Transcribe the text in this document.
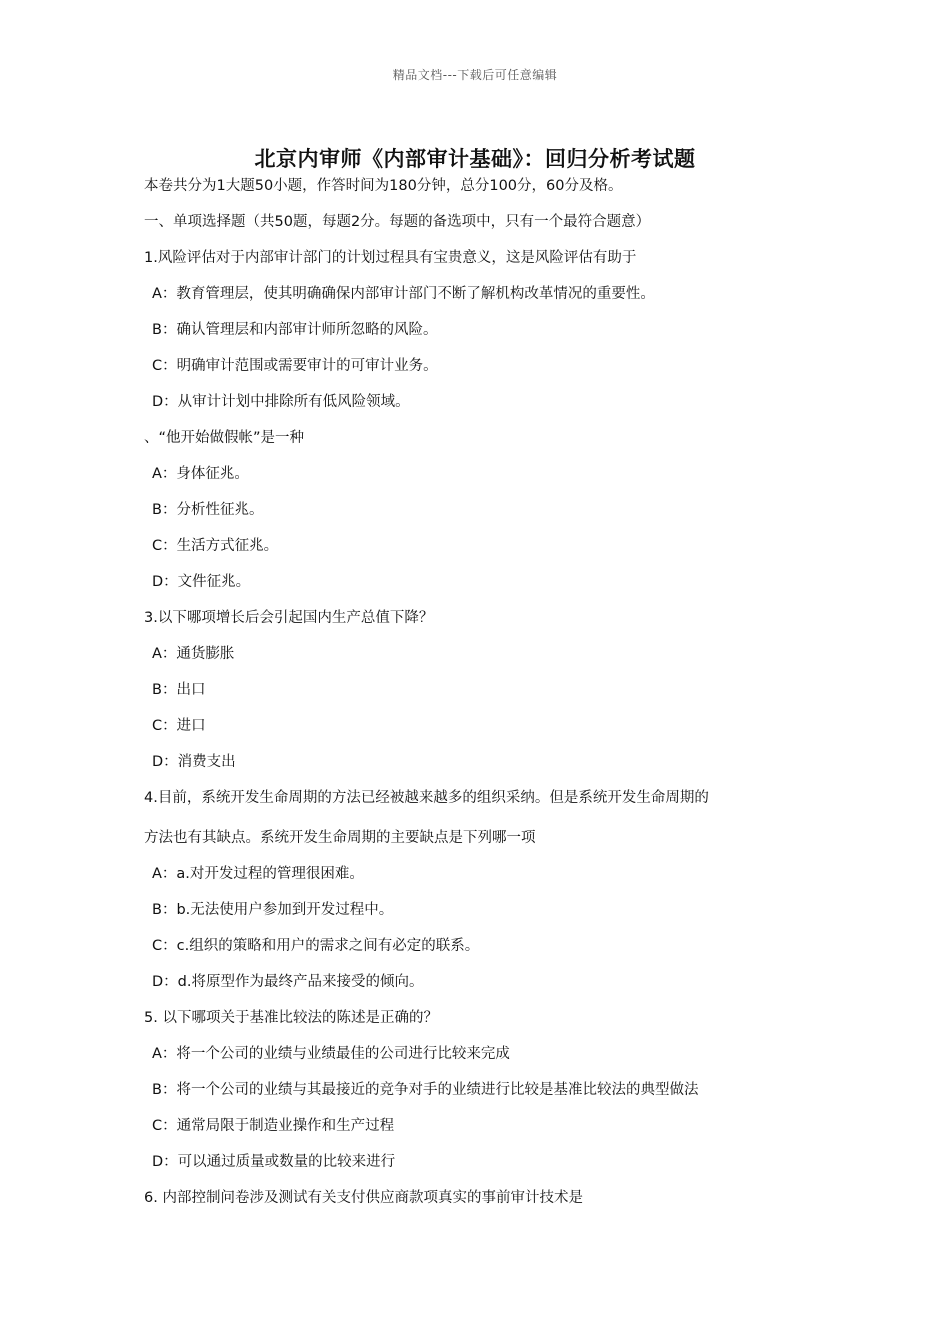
精品文档---下载后可任意编辑
北京内审师《内部审计基础》：回归分析考试题
本卷共分为1大题50小题，作答时间为180分钟，总分100分，60分及格。
一、单项选择题（共50题，每题2分。每题的备选项中，只有一个最符合题意）
1.风险评估对于内部审计部门的计划过程具有宝贵意义，这是风险评估有助于
A：教育管理层，使其明确确保内部审计部门不断了解机构改革情况的重要性。
B：确认管理层和内部审计师所忽略的风险。
C：明确审计范围或需要审计的可审计业务。
D：从审计计划中排除所有低风险领域。
、“他开始做假帐”是一种
A：身体征兆。
B：分析性征兆。
C：生活方式征兆。
D：文件征兆。
3.以下哪项增长后会引起国内生产总值下降？
A：通货膨胀
B：出口
C：进口
D：消费支出
4.目前，系统开发生命周期的方法已经被越来越多的组织采纳。但是系统开发生命周期的
方法也有其缺点。系统开发生命周期的主要缺点是下列哪一项
A：a.对开发过程的管理很困难。
B：b.无法使用户参加到开发过程中。
C：c.组织的策略和用户的需求之间有必定的联系。
D：d.将原型作为最终产品来接受的倾向。
5. 以下哪项关于基准比较法的陈述是正确的？
A：将一个公司的业绩与业绩最佳的公司进行比较来完成
B：将一个公司的业绩与其最接近的竞争对手的业绩进行比较是基准比较法的典型做法
C：通常局限于制造业操作和生产过程
D：可以通过质量或数量的比较来进行
6. 内部控制问卷涉及测试有关支付供应商款项真实的事前审计技术是
